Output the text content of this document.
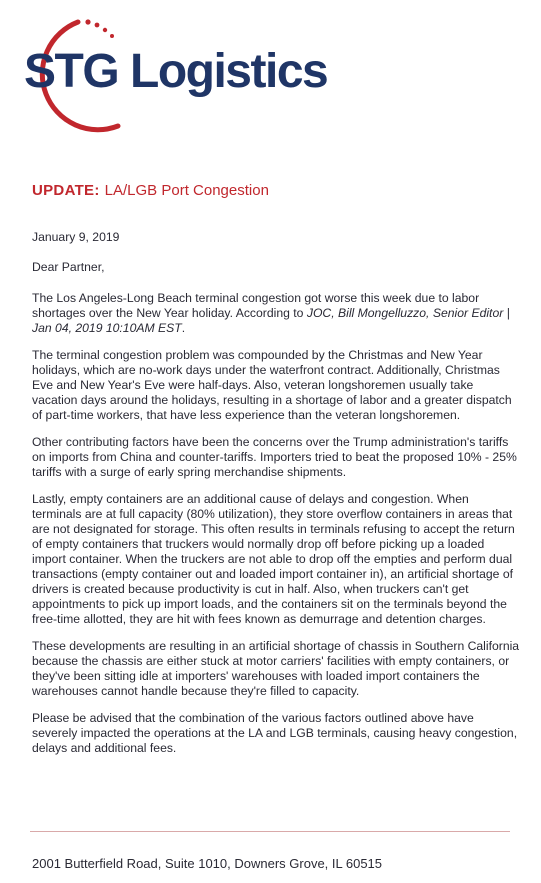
STG Logistics
UPDATE: LA/LGB Port Congestion

January 9, 2019

Dear Partner,

The Los Angeles-Long Beach terminal congestion got worse this week due to labor shortages over the New Year holiday. According to JOC, Bill Mongelluzzo, Senior Editor | Jan 04, 2019 10:10AM EST.

The terminal congestion problem was compounded by the Christmas and New Year holidays, which are no-work days under the waterfront contract. Additionally, Christmas Eve and New Year's Eve were half-days. Also, veteran longshoremen usually take vacation days around the holidays, resulting in a shortage of labor and a greater dispatch of part-time workers, that have less experience than the veteran longshoremen.

Other contributing factors have been the concerns over the Trump administration's tariffs on imports from China and counter-tariffs. Importers tried to beat the proposed 10% - 25% tariffs with a surge of early spring merchandise shipments.

Lastly, empty containers are an additional cause of delays and congestion. When terminals are at full capacity (80% utilization), they store overflow containers in areas that are not designated for storage. This often results in terminals refusing to accept the return of empty containers that truckers would normally drop off before picking up a loaded import container. When the truckers are not able to drop off the empties and perform dual transactions (empty container out and loaded import container in), an artificial shortage of drivers is created because productivity is cut in half. Also, when truckers can't get appointments to pick up import loads, and the containers sit on the terminals beyond the free-time allotted, they are hit with fees known as demurrage and detention charges.

These developments are resulting in an artificial shortage of chassis in Southern California because the chassis are either stuck at motor carriers' facilities with empty containers, or they've been sitting idle at importers' warehouses with loaded import containers the warehouses cannot handle because they're filled to capacity.

Please be advised that the combination of the various factors outlined above have severely impacted the operations at the LA and LGB terminals, causing heavy congestion, delays and additional fees.

2001 Butterfield Road, Suite 1010, Downers Grove, IL 60515
